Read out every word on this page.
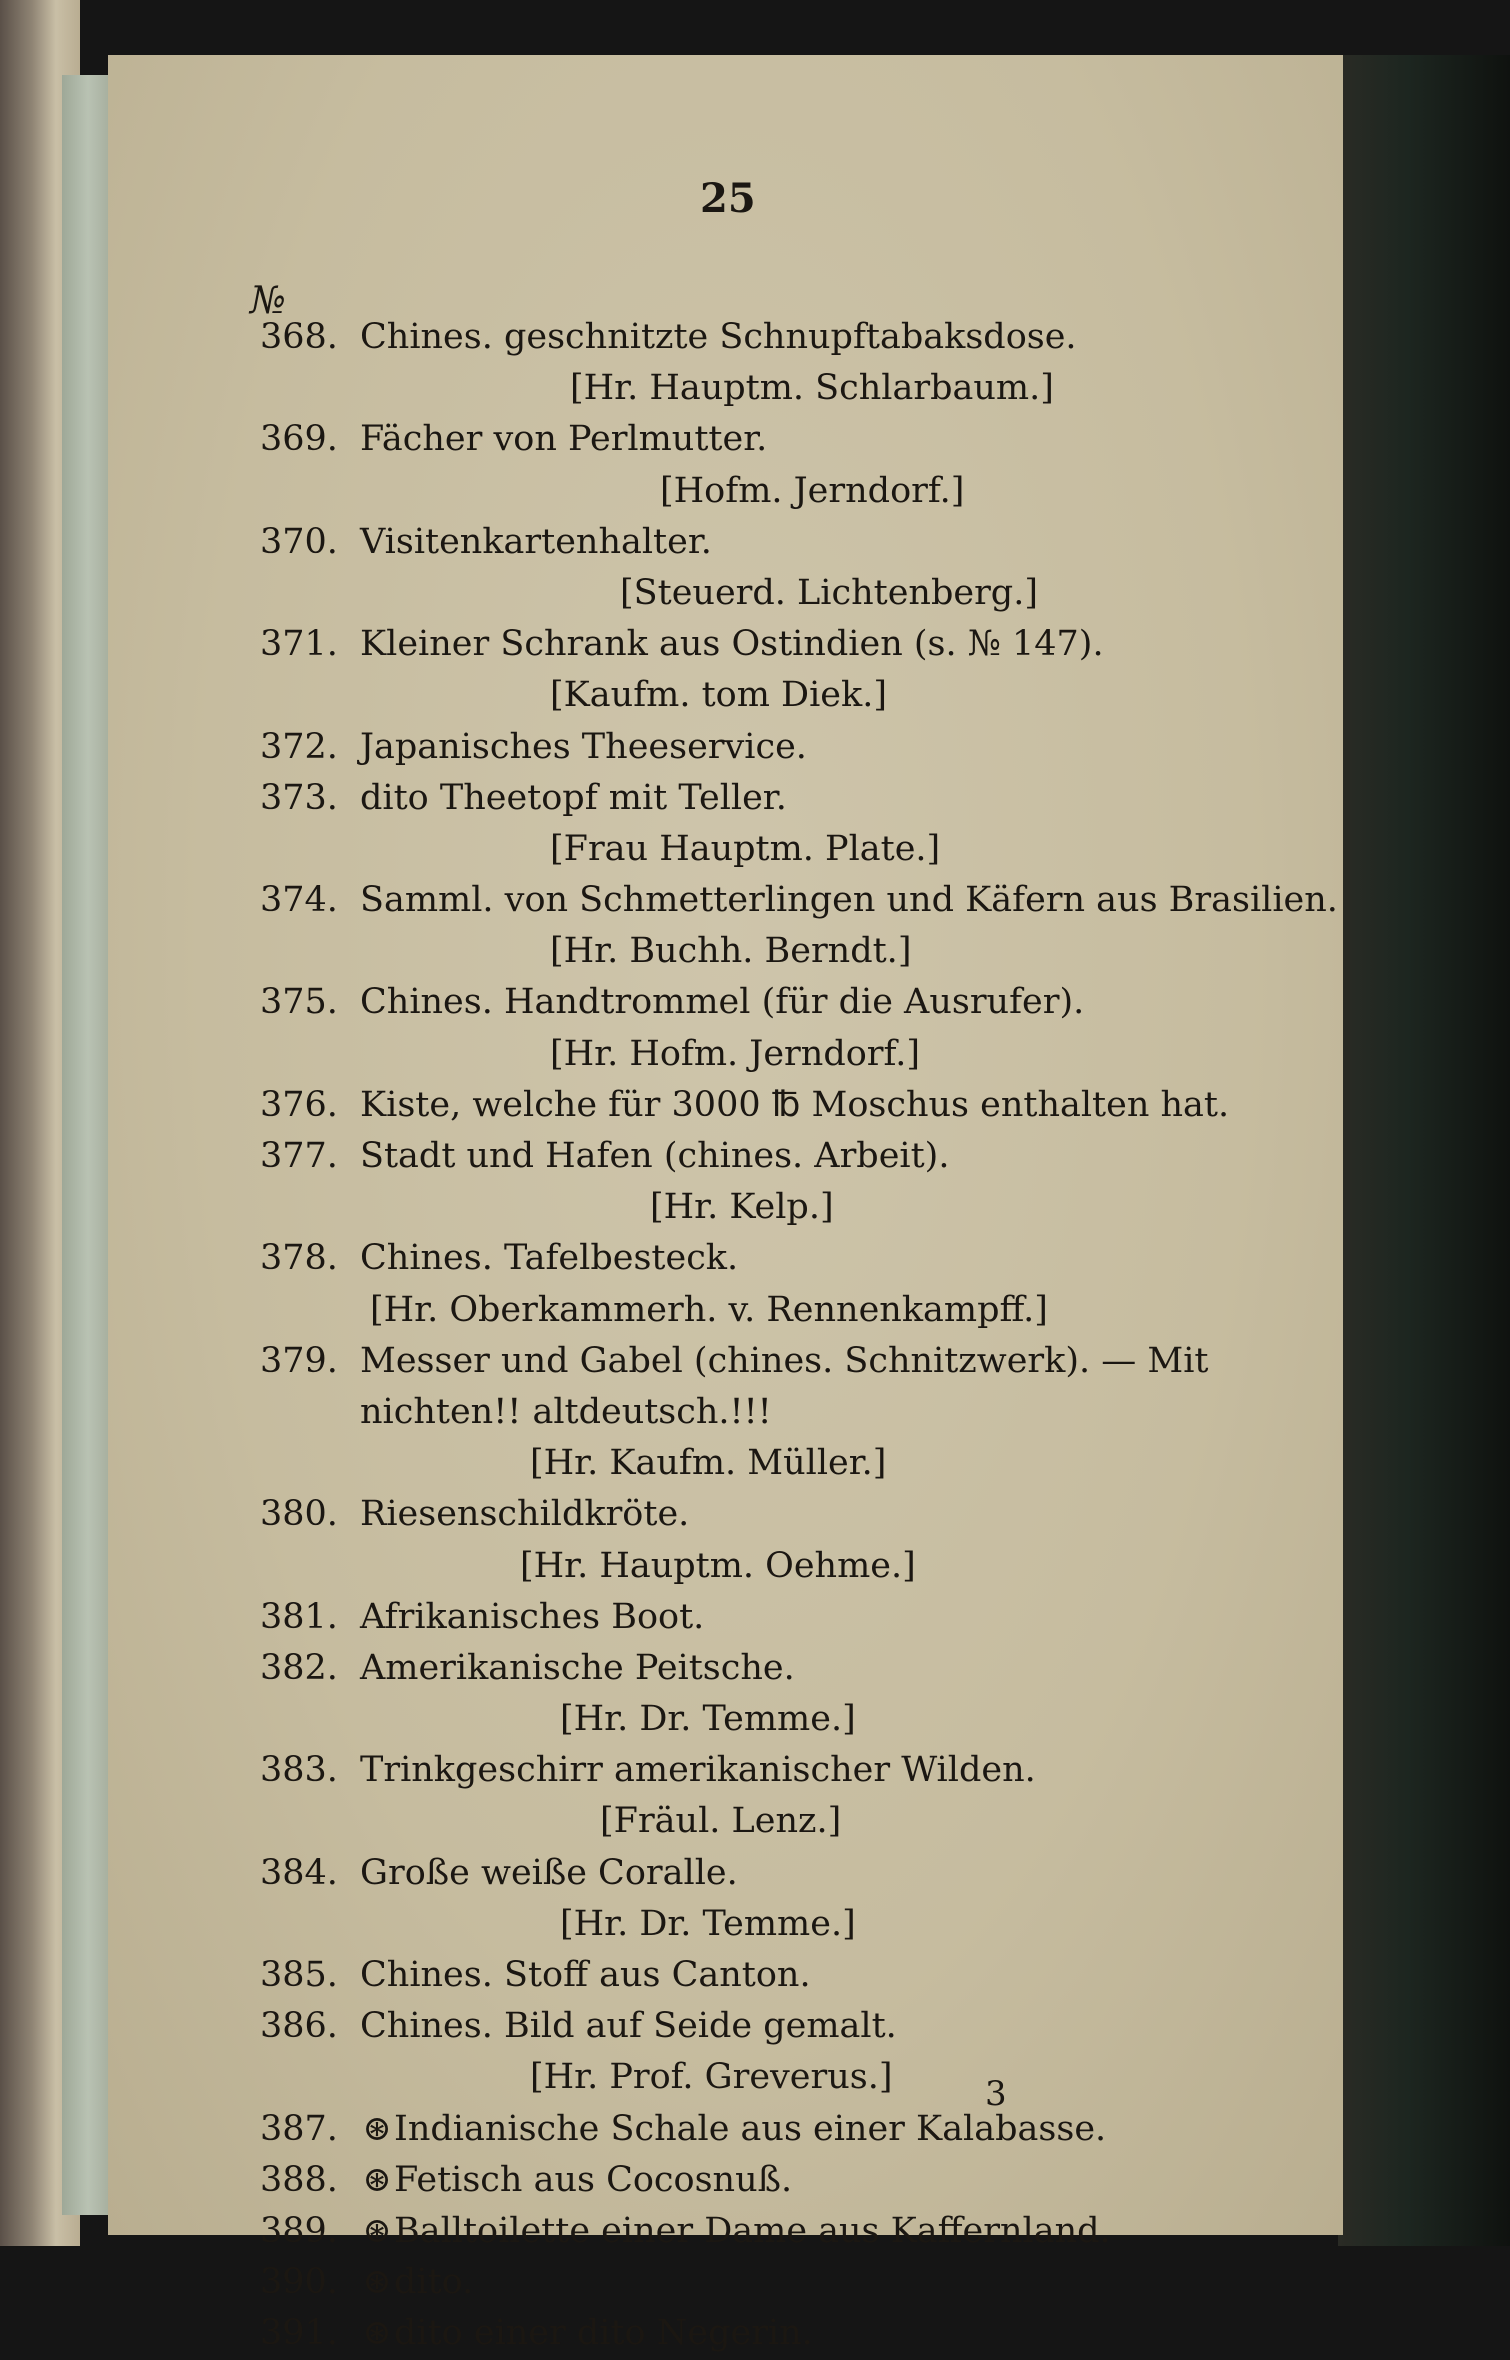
25
№
368. Chines. geschnitzte Schnupftabaksdose.
[Hr. Hauptm. Schlarbaum.]
369. Fächer von Perlmutter.
[Hofm. Jerndorf.]
370. Visitenkartenhalter.
[Steuerd. Lichtenberg.]
371. Kleiner Schrank aus Ostindien (s. № 147).
[Kaufm. tom Diek.]
372. Japanisches Theeservice.
373. dito Theetopf mit Teller.
[Frau Hauptm. Plate.]
374. Samml. von Schmetterlingen und Käfern aus Brasilien.
[Hr. Buchh. Berndt.]
375. Chines. Handtrommel (für die Ausrufer).
[Hr. Hofm. Jerndorf.]
376. Kiste, welche für 3000 ℔ Moschus enthalten hat.
377. Stadt und Hafen (chines. Arbeit).
[Hr. Kelp.]
378. Chines. Tafelbesteck.
[Hr. Oberkammerh. v. Rennenkampff.]
379. Messer und Gabel (chines. Schnitzwerk). — Mit
nichten!! altdeutsch.!!!
[Hr. Kaufm. Müller.]
380. Riesenschildkröte.
[Hr. Hauptm. Oehme.]
381. Afrikanisches Boot.
382. Amerikanische Peitsche.
[Hr. Dr. Temme.]
383. Trinkgeschirr amerikanischer Wilden.
[Fräul. Lenz.]
384. Große weiße Coralle.
[Hr. Dr. Temme.]
385. Chines. Stoff aus Canton.
386. Chines. Bild auf Seide gemalt.
[Hr. Prof. Greverus.]
387. ⊛Indianische Schale aus einer Kalabasse.
388. ⊛Fetisch aus Cocosnuß.
389. ⊛Balltoilette einer Dame aus Kaffernland.
390. ⊛dito.
391. ⊛dito einer dito Negerin.
3
